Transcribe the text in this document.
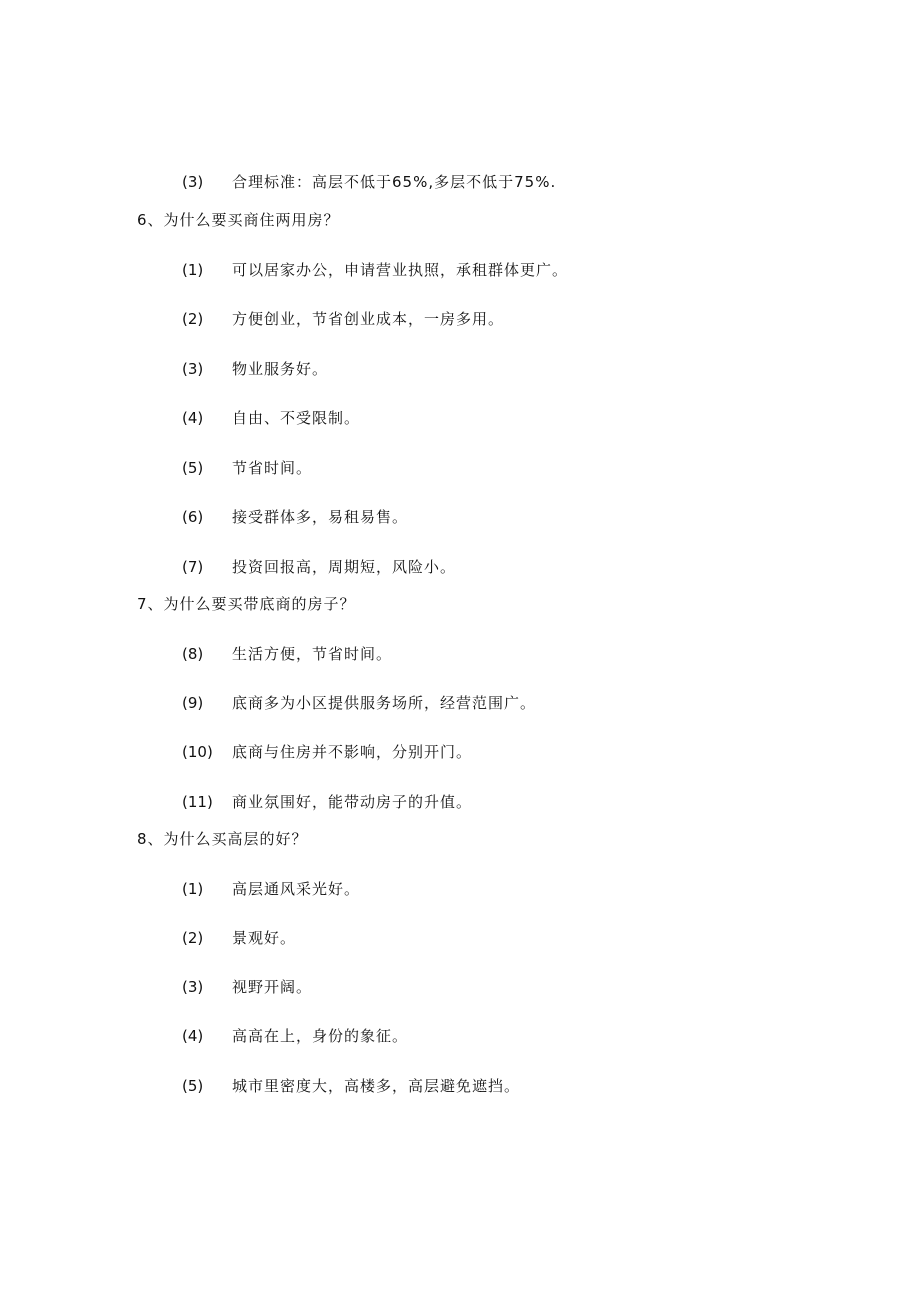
(3) 合理标准：高层不低于65%,多层不低于75%.
6、为什么要买商住两用房？
(1) 可以居家办公，申请营业执照，承租群体更广。
(2) 方便创业，节省创业成本，一房多用。
(3) 物业服务好。
(4) 自由、不受限制。
(5) 节省时间。
(6) 接受群体多，易租易售。
(7) 投资回报高，周期短，风险小。
7、为什么要买带底商的房子？
(8) 生活方便，节省时间。
(9) 底商多为小区提供服务场所，经营范围广。
(10) 底商与住房并不影响，分别开门。
(11) 商业氛围好，能带动房子的升值。
8、为什么买高层的好？
(1) 高层通风采光好。
(2) 景观好。
(3) 视野开阔。
(4) 高高在上，身份的象征。
(5) 城市里密度大，高楼多，高层避免遮挡。
